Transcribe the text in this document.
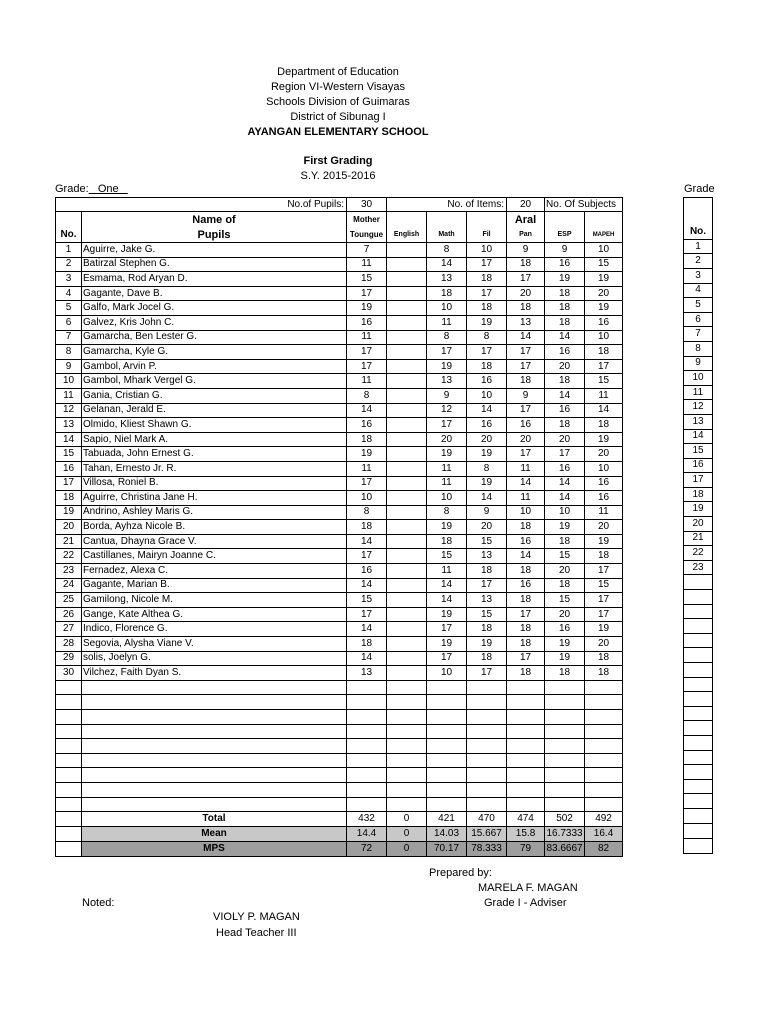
Department of Education
Region VI-Western Visayas
Schools Division of Guimaras
District of Sibunag I
AYANGAN ELEMENTARY SCHOOL
First Grading
S.Y. 2015-2016
Grade: One	Grade
No.of Pupils:		30	No. of Items:			20	No. Of Subjects	
	Name of	Mother				Aral		
No.	Pupils	Toungue	English	Math	Fil	Pan	ESP	MAPEH
1	Aguirre, Jake G.	7		8	10	9	9	10
2	Batirzal Stephen G.	11		14	17	18	16	15
3	Esmama, Rod Aryan D.	15		13	18	17	19	19
4	Gagante, Dave B.	17		18	17	20	18	20
5	Galfo, Mark Jocel G.	19		10	18	18	18	19
6	Galvez, Kris John C.	16		11	19	13	18	16
7	Gamarcha, Ben Lester G.	11		8	8	14	14	10
8	Gamarcha, Kyle G.	17		17	17	17	16	18
9	Gambol, Arvin P.	17		19	18	17	20	17
10	Gambol, Mhark Vergel G.	11		13	16	18	18	15
11	Gania, Cristian G.	8		9	10	9	14	11
12	Gelanan, Jerald E.	14		12	14	17	16	14
13	Olmido, Kliest Shawn G.	16		17	16	16	18	18
14	Sapio, Niel Mark A.	18		20	20	20	20	19
15	Tabuada, John Ernest G.	19		19	19	17	17	20
16	Tahan, Ernesto Jr. R.	11		11	8	11	16	10
17	Villosa, Roniel B.	17		11	19	14	14	16
18	Aguirre, Christina Jane H.	10		10	14	11	14	16
19	Andrino, Ashley Maris G.	8		8	9	10	10	11
20	Borda, Ayhza Nicole B.	18		19	20	18	19	20
21	Cantua, Dhayna Grace V.	14		18	15	16	18	19
22	Castillanes, Mairyn Joanne C.	17		15	13	14	15	18
23	Fernadez, Alexa C.	16		11	18	18	20	17
24	Gagante, Marian B.	14		14	17	16	18	15
25	Gamilong, Nicole M.	15		14	13	18	15	17
26	Gange, Kate Althea G.	17		19	15	17	20	17
27	Indico, Florence G.	14		17	18	18	16	19
28	Segovia, Alysha Viane V.	18		19	19	18	19	20
29	solis, Joelyn G.	14		17	18	17	19	18
30	Vilchez, Faith Dyan S.	13		10	17	18	18	18

	Total	432	0	421	470	474	502	492
	Mean	14.4	0	14.03	15.667	15.8	16.7333	16.4
	MPS	72	0	70.17	78.333	79	83.6667	82

No.
1
2
3
4
5
6
7
8
9
10
11
12
13
14
15
16
17
18
19
20
21
22
23

Prepared by:
MARELA F. MAGAN
Grade I - Adviser
Noted:
VIOLY P. MAGAN
Head Teacher III
